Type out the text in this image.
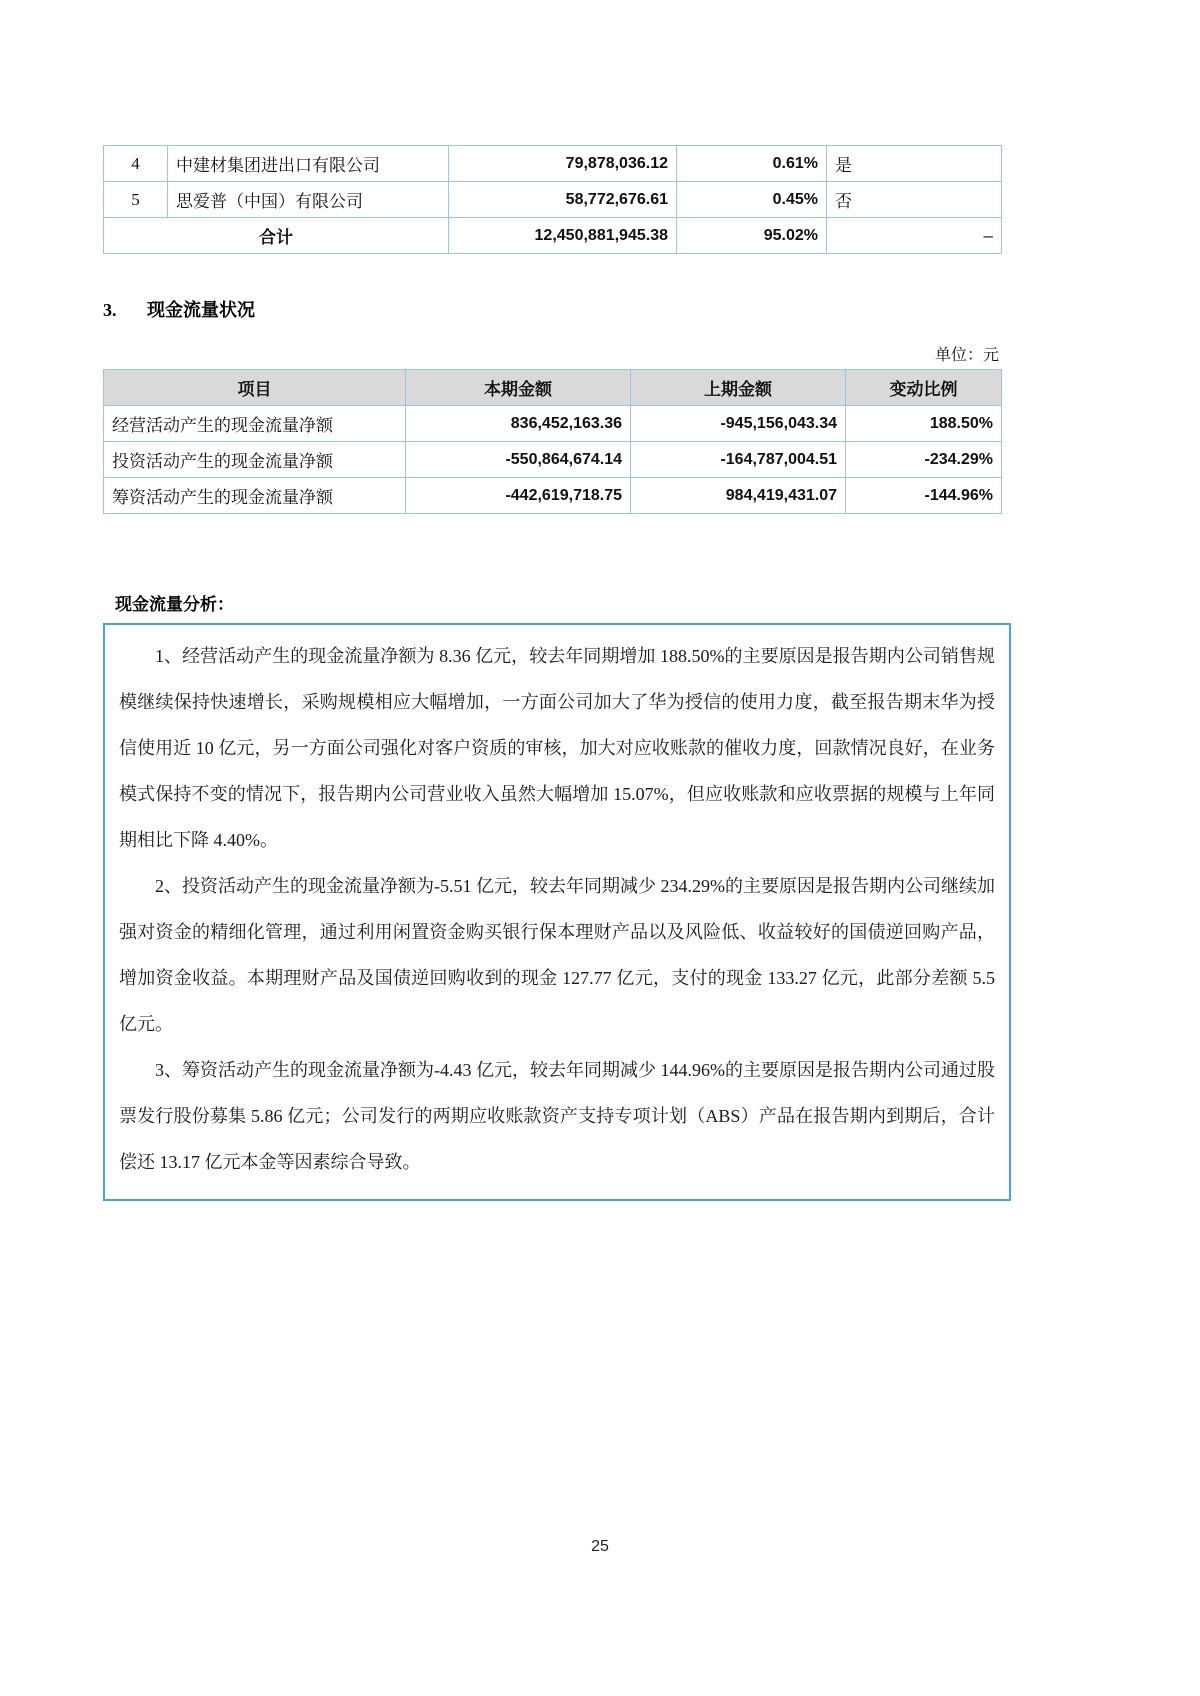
4	中建材集团进出口有限公司	79,878,036.12	0.61%	是
5	思爱普（中国）有限公司	58,772,676.61	0.45%	否
合计		12,450,881,945.38	95.02%	–
3. 现金流量状况
单位：元
项目	本期金额	上期金额	变动比例
经营活动产生的现金流量净额	836,452,163.36	-945,156,043.34	188.50%
投资活动产生的现金流量净额	-550,864,674.14	-164,787,004.51	-234.29%
筹资活动产生的现金流量净额	-442,619,718.75	984,419,431.07	-144.96%
现金流量分析：

1、经营活动产生的现金流量净额为 8.36 亿元，较去年同期增加 188.50%的主要原因是报告期内公司销售规模继续保持快速增长，采购规模相应大幅增加，一方面公司加大了华为授信的使用力度，截至报告期末华为授信使用近 10 亿元，另一方面公司强化对客户资质的审核，加大对应收账款的催收力度，回款情况良好，在业务模式保持不变的情况下，报告期内公司营业收入虽然大幅增加 15.07%，但应收账款和应收票据的规模与上年同期相比下降 4.40%。

2、投资活动产生的现金流量净额为-5.51 亿元，较去年同期减少 234.29%的主要原因是报告期内公司继续加强对资金的精细化管理，通过利用闲置资金购买银行保本理财产品以及风险低、收益较好的国债逆回购产品，增加资金收益。本期理财产品及国债逆回购收到的现金 127.77 亿元，支付的现金 133.27 亿元，此部分差额 5.5 亿元。

3、筹资活动产生的现金流量净额为-4.43 亿元，较去年同期减少 144.96%的主要原因是报告期内公司通过股票发行股份募集 5.86 亿元；公司发行的两期应收账款资产支持专项计划（ABS）产品在报告期内到期后，合计偿还 13.17 亿元本金等因素综合导致。

25
